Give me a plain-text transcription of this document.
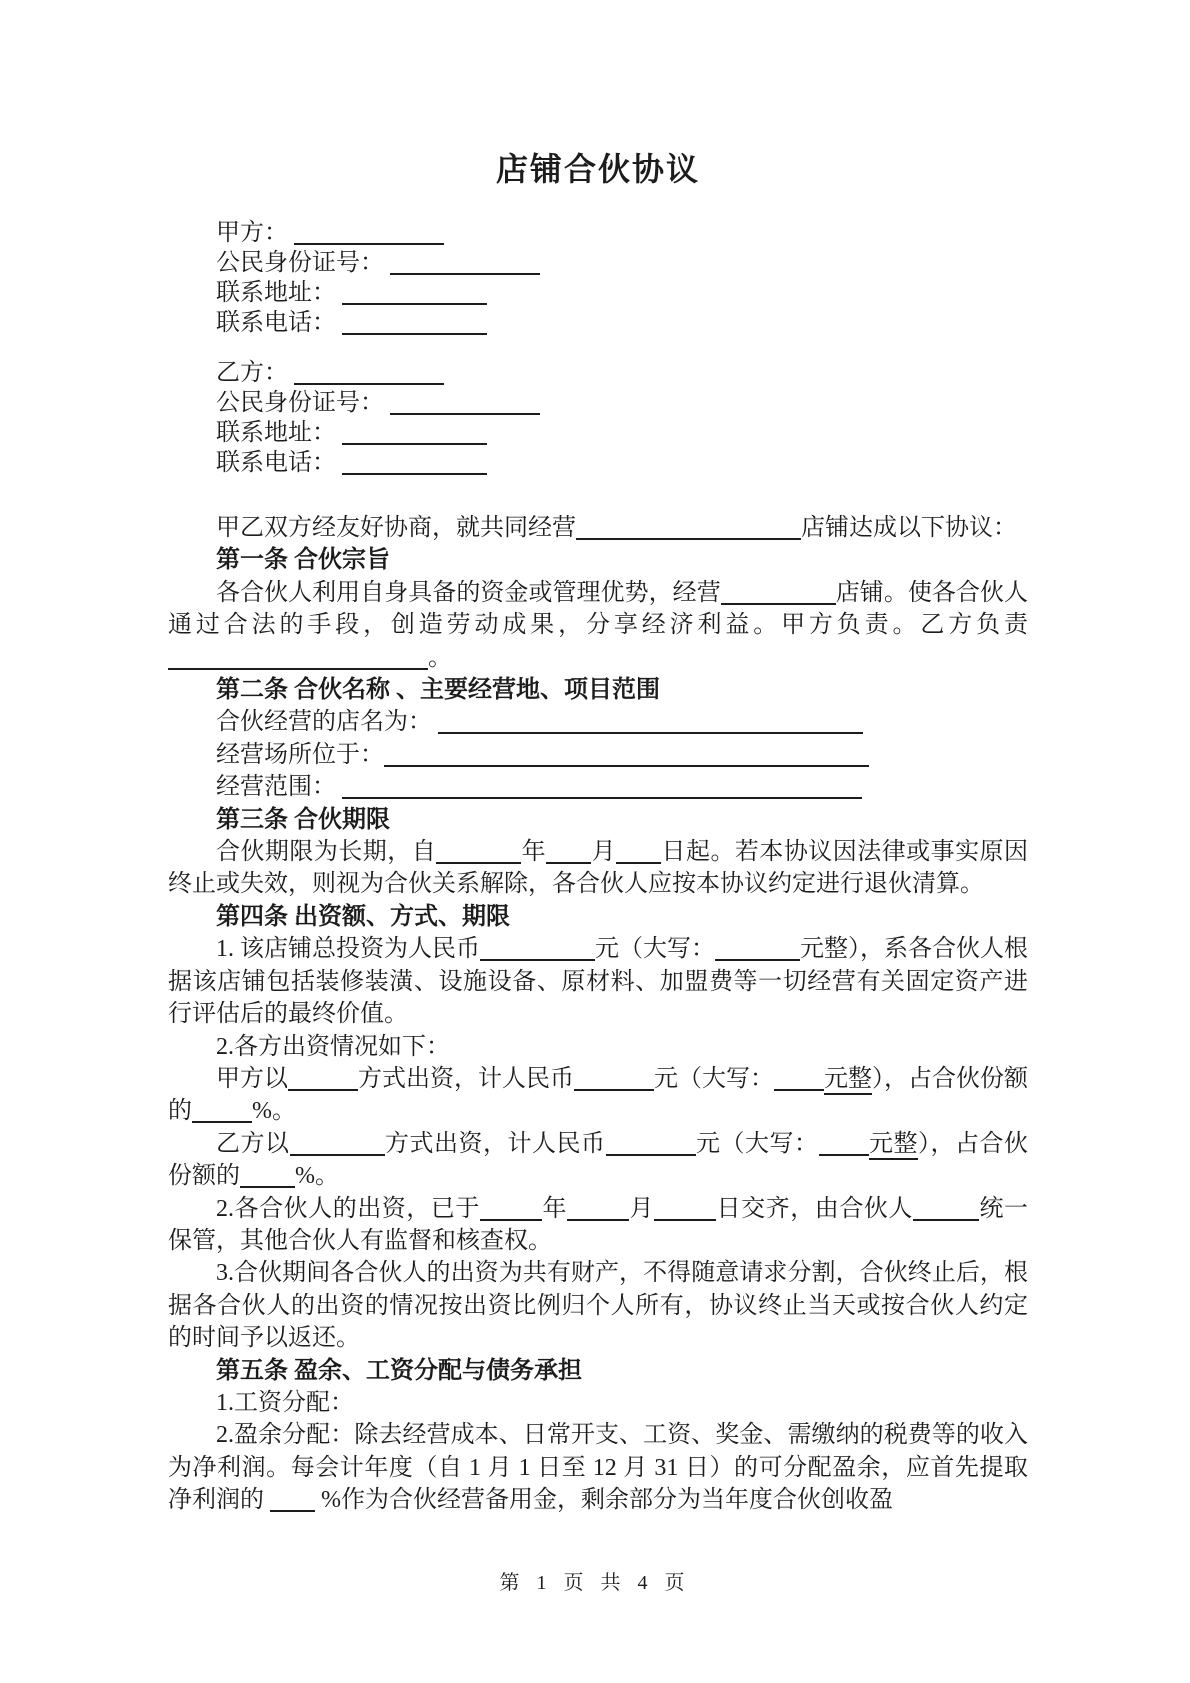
店铺合伙协议

甲方：

公民身份证号：

联系地址：

联系电话：

乙方：

公民身份证号：

联系地址：

联系电话：

甲乙双方经友好协商，就共同经营	店铺达成以下协议：

第一条 合伙宗旨

各合伙人利用自身具备的资金或管理优势，经营	店铺。使各合伙人通过合法的手段，创造劳动成果，分享经济利益。甲方负责。乙方负责。

第二条 合伙名称 、主要经营地、项目范围

合伙经营的店名为：

经营场所位于：

经营范围：

第三条 合伙期限

合伙期限为长期，自	年 月 日起。若本协议因法律或事实原因终止或失效，则视为合伙关系解除，各合伙人应按本协议约定进行退伙清算。

第四条 出资额、方式、期限

1. 该店铺总投资为人民币	元（大写：	元整），系各合伙人根据该店铺包括装修装潢、设施设备、原材料、加盟费等一切经营有关固定资产进行评估后的最终价值。

2.各方出资情况如下：

甲方以	方式出资，计人民币	元（大写： 元整），占合伙份额的	%。

乙方以	方式出资，计人民币	元（大写： 元整），占合伙份额的 %。

2.各合伙人的出资，已于	年	月	日交齐，由合伙人	统一保管，其他合伙人有监督和核查权。

3.合伙期间各合伙人的出资为共有财产，不得随意请求分割，合伙终止后，根据各合伙人的出资的情况按出资比例归个人所有，协议终止当天或按合伙人约定的时间予以返还。

第五条 盈余、工资分配与债务承担

1.工资分配：

2.盈余分配：除去经营成本、日常开支、工资、奖金、需缴纳的税费等的收入为净利润。每会计年度（自 1 月 1 日至 12 月 31 日）的可分配盈余，应首先提取净利润的  %作为合伙经营备用金，剩余部分为当年度合伙创收盈

第 1 页 共 4 页
